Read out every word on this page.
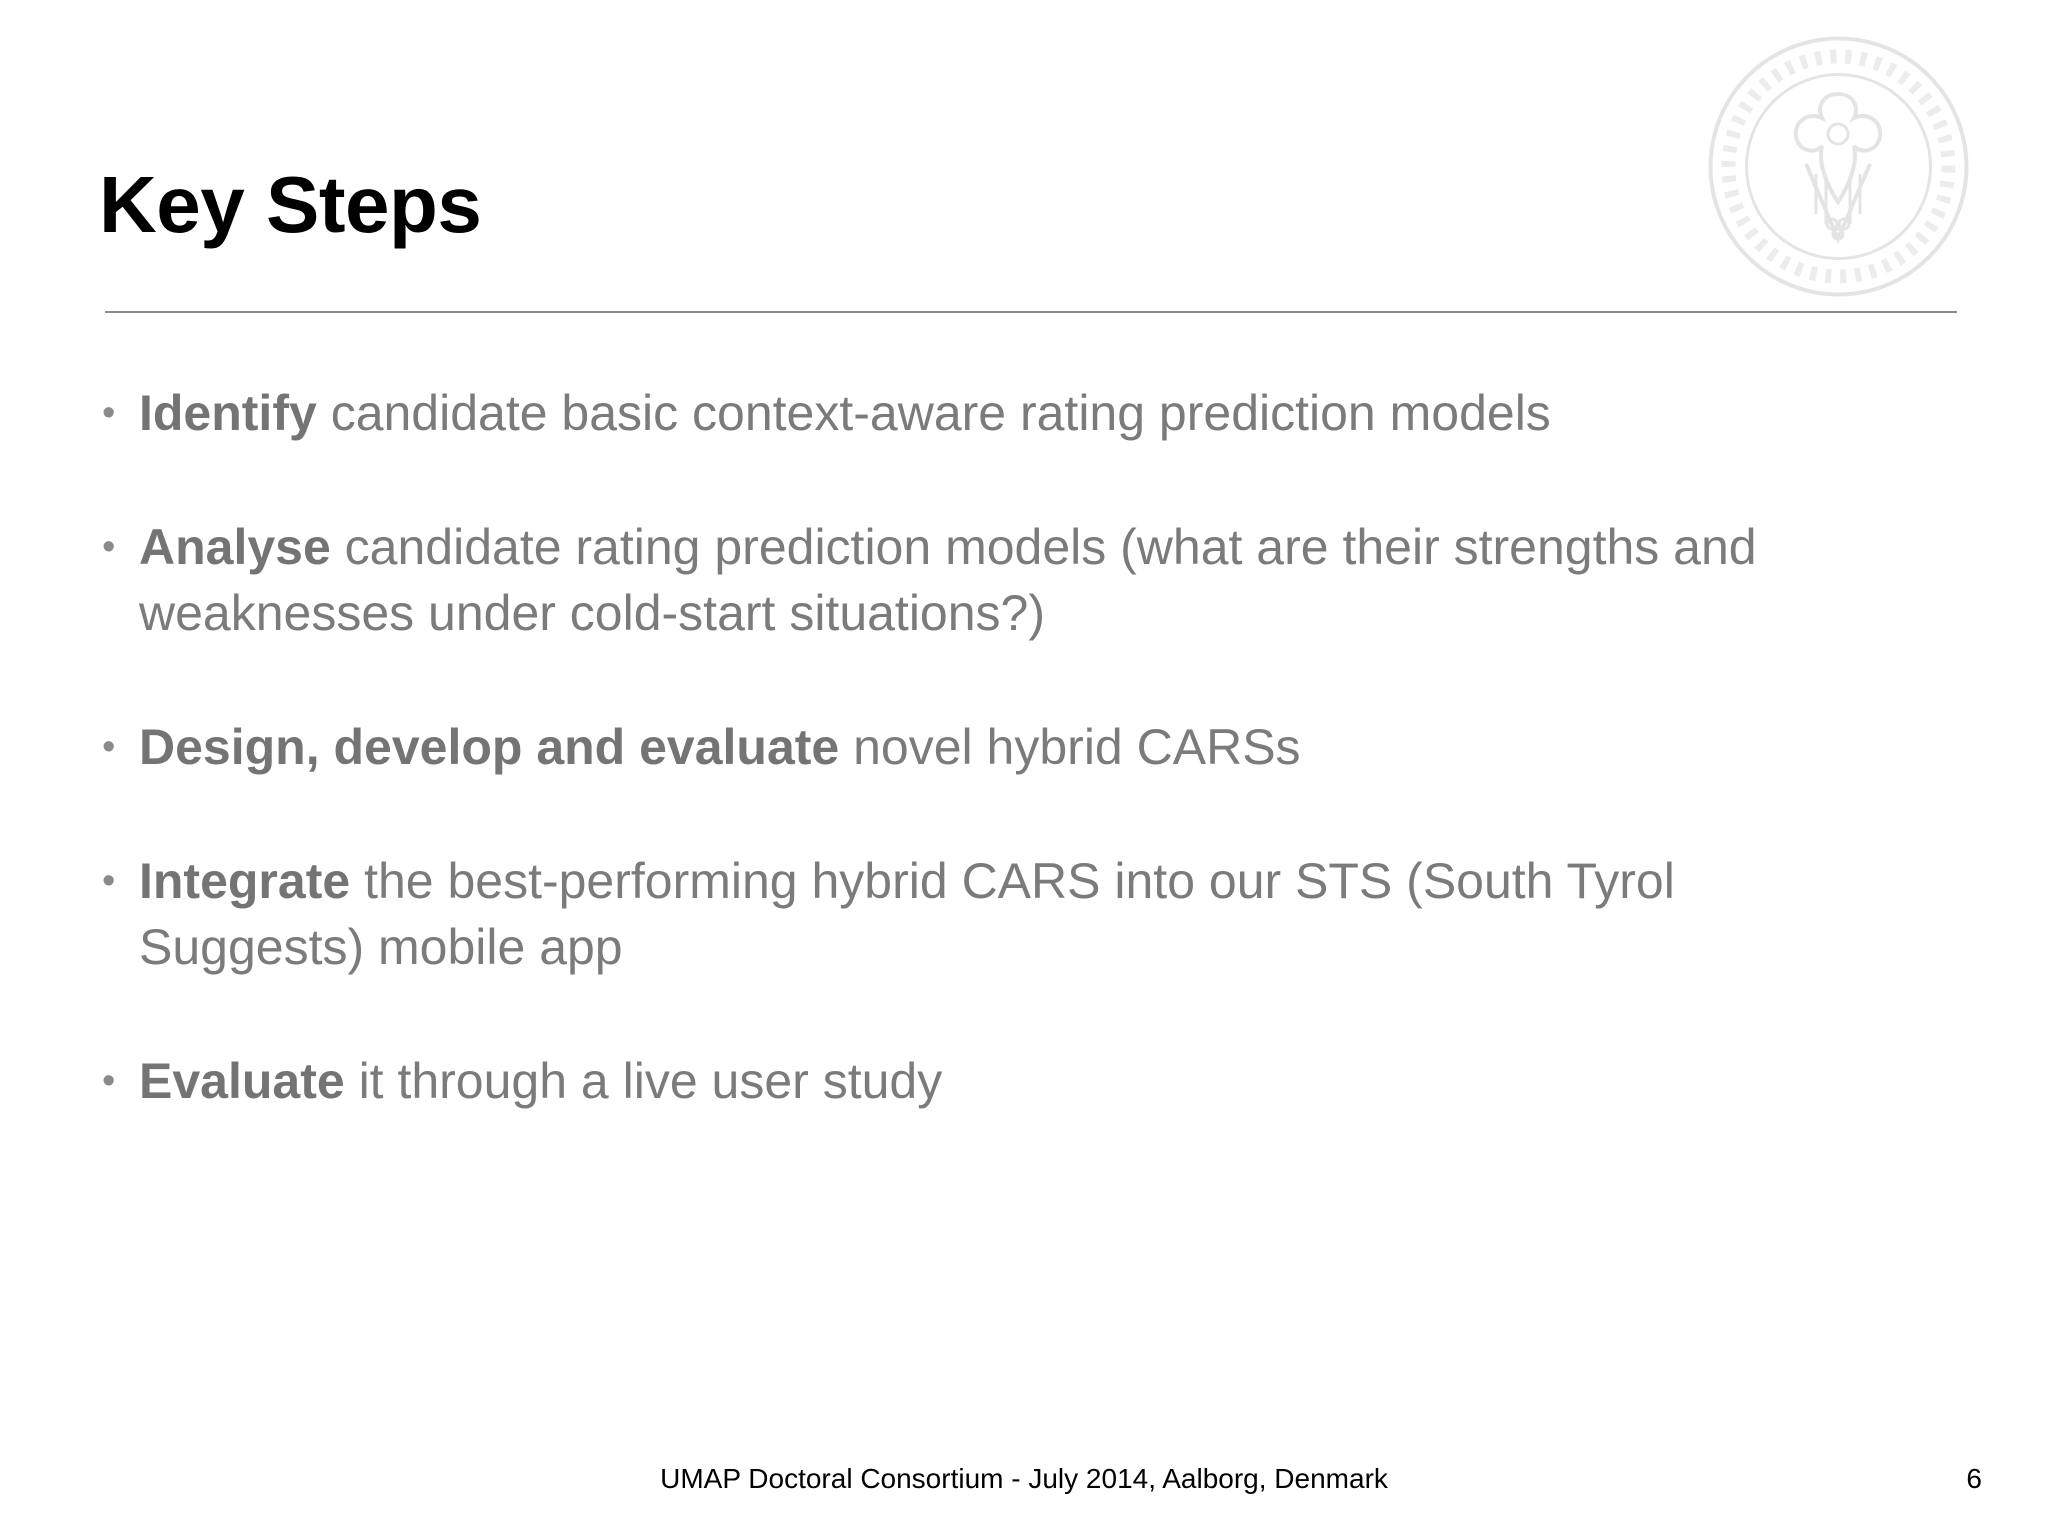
Key Steps
• Identify candidate basic context-aware rating prediction models
• Analyse candidate rating prediction models (what are their strengths and weaknesses under cold-start situations?)
• Design, develop and evaluate novel hybrid CARSs
• Integrate the best-performing hybrid CARS into our STS (South Tyrol Suggests) mobile app
• Evaluate it through a live user study
UMAP Doctoral Consortium - July 2014, Aalborg, Denmark	6
